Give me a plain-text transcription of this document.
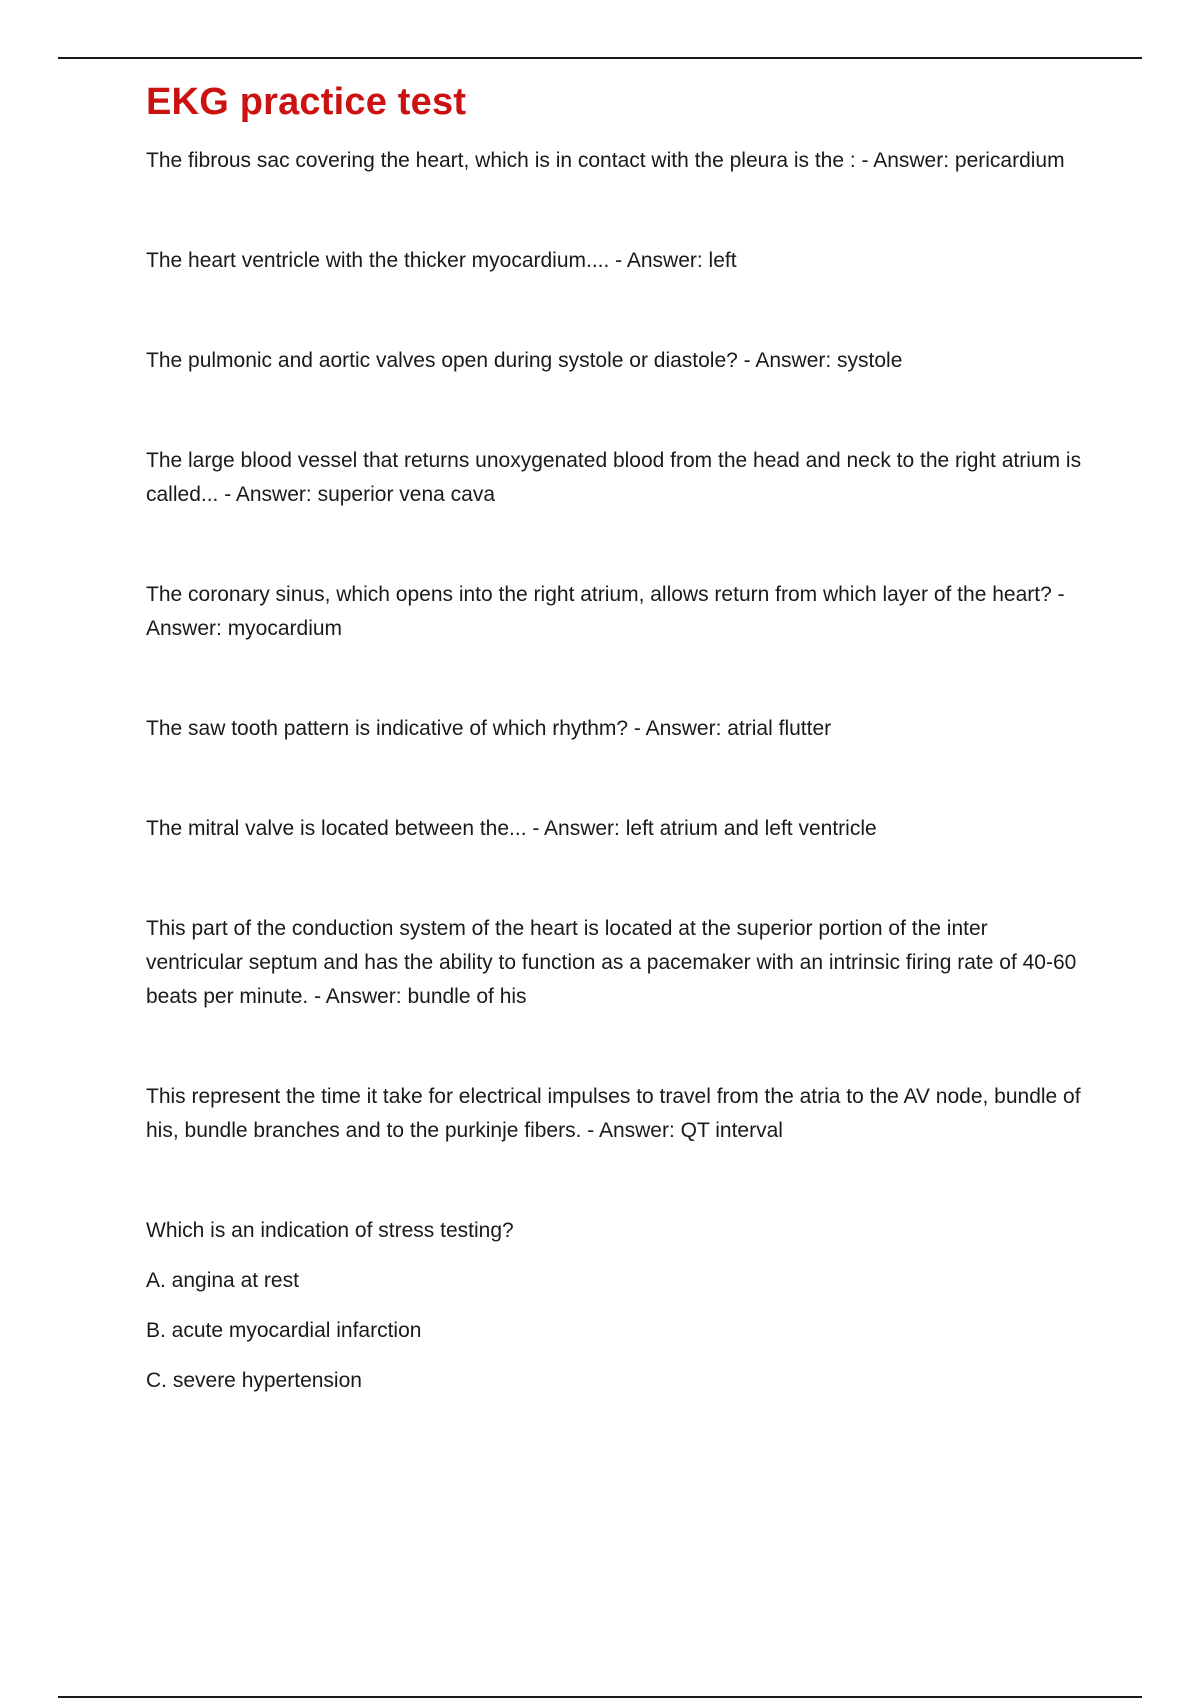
EKG practice test

The fibrous sac covering the heart, which is in contact with the pleura is the : - Answer: pericardium

The heart ventricle with the thicker myocardium.... - Answer: left

The pulmonic and aortic valves open during systole or diastole? - Answer: systole

The large blood vessel that returns unoxygenated blood from the head and neck to the right atrium is called... - Answer: superior vena cava

The coronary sinus, which opens into the right atrium, allows return from which layer of the heart? - Answer: myocardium

The saw tooth pattern is indicative of which rhythm? - Answer: atrial flutter

The mitral valve is located between the... - Answer: left atrium and left ventricle

This part of the conduction system of the heart is located at the superior portion of the inter ventricular septum and has the ability to function as a pacemaker with an intrinsic firing rate of 40-60 beats per minute. - Answer: bundle of his

This represent the time it take for electrical impulses to travel from the atria to the AV node, bundle of his, bundle branches and to the purkinje fibers. - Answer: QT interval

Which is an indication of stress testing?

A. angina at rest

B. acute myocardial infarction

C. severe hypertension
